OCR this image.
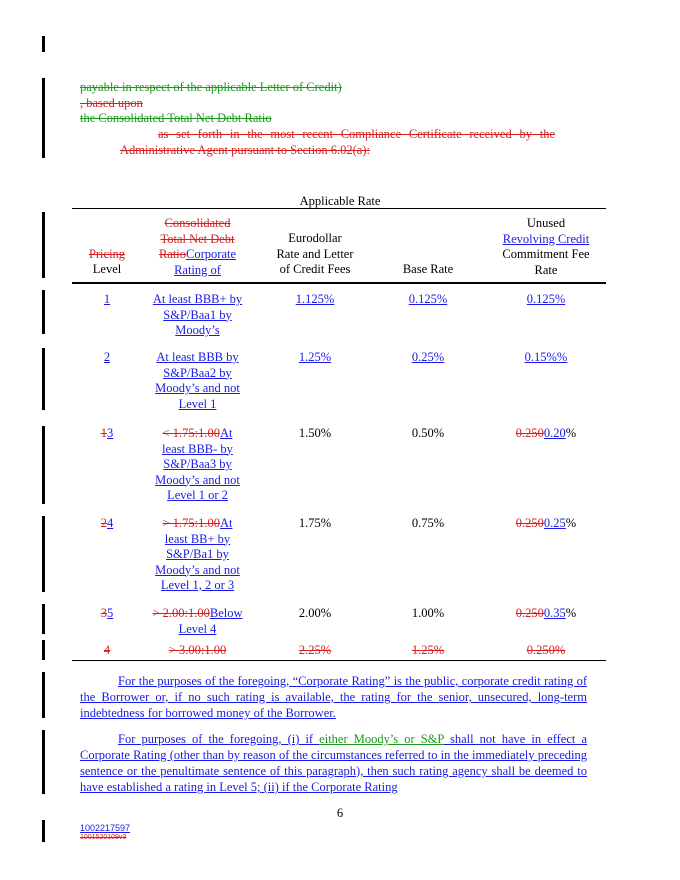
payable in respect of the applicable Letter of Credit)
, based upon
the Consolidated Total Net Debt Ratio
as set forth in the most recent Compliance Certificate received by the
Administrative Agent pursuant to Section 6.02(a):
Applicable Rate
Pricing
Level
Consolidated
Total Net Debt
RatioCorporate
Rating of
Eurodollar
Rate and Letter
of Credit Fees	Base Rate
Unused
Revolving Credit
Commitment Fee
Rate
1	At least BBB+ by
S&P/Baa1 by
Moody’s
1.125%	0.125%	0.125%
2	At least BBB by
S&P/Baa2 by
Moody’s and not
Level 1
1.25%	0.25%	0.15%%
13	< 1.75:1.00At
least BBB- by
S&P/Baa3 by
Moody’s and not
Level 1 or 2
1.50%	0.50%	0.2500.20%
24	> 1.75:1.00At
least BB+ by
S&P/Ba1 by
Moody’s and not
Level 1, 2 or 3
1.75%	0.75%	0.2500.25%
35	> 2.00:1.00Below
Level 4
2.00%	1.00%	0.2500.35%
4	> 3.00:1.00	2.25%	1.25%	0.250%
For the purposes of the foregoing, “Corporate Rating” is the public, corporate credit rating of the Borrower or, if no such rating is available, the rating for the senior, unsecured, long-term indebtedness for borrowed money of the Borrower.
For purposes of the foregoing, (i) if either Moody’s or S&P shall not have in effect a Corporate Rating (other than by reason of the circumstances referred to in the immediately preceding sentence or the penultimate sentence of this paragraph), then such rating agency shall be deemed to have established a rating in Level 5; (ii) if the Corporate Rating
6
1002217597
1001520109v3
